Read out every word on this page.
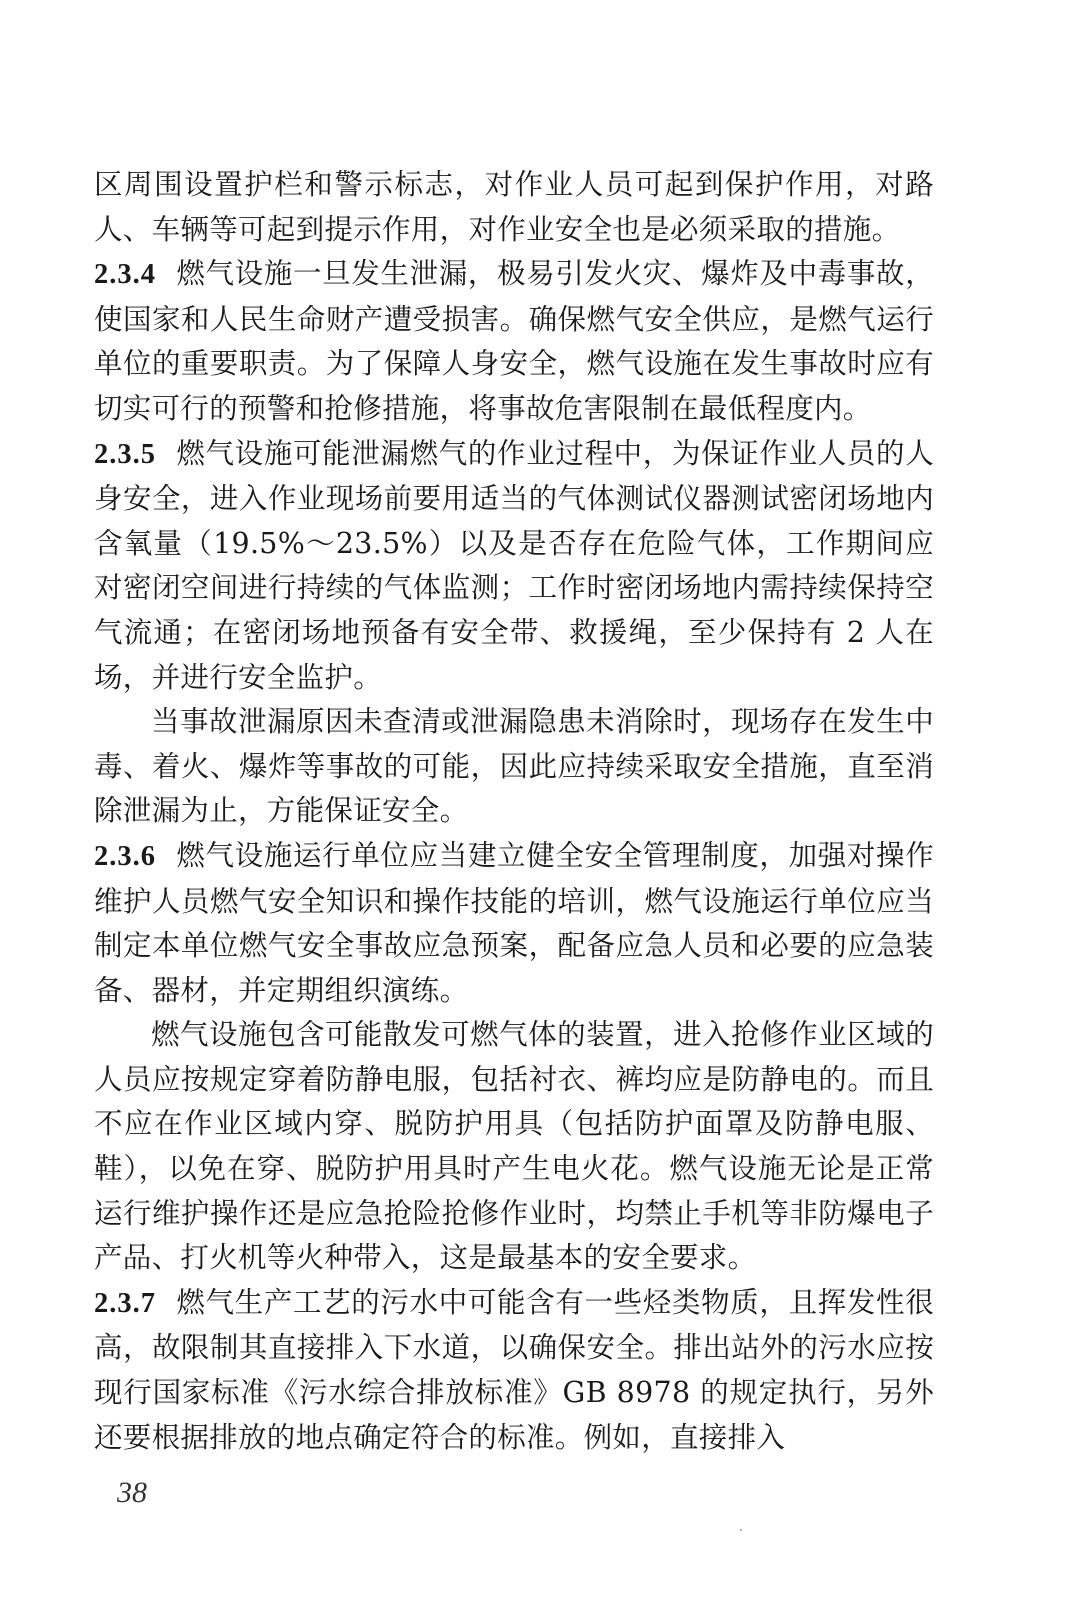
区周围设置护栏和警示标志，对作业人员可起到保护作用，对路人、车辆等可起到提示作用，对作业安全也是必须采取的措施。

2.3.4 燃气设施一旦发生泄漏，极易引发火灾、爆炸及中毒事故，使国家和人民生命财产遭受损害。确保燃气安全供应，是燃气运行单位的重要职责。为了保障人身安全，燃气设施在发生事故时应有切实可行的预警和抢修措施，将事故危害限制在最低程度内。

2.3.5 燃气设施可能泄漏燃气的作业过程中，为保证作业人员的人身安全，进入作业现场前要用适当的气体测试仪器测试密闭场地内含氧量（19.5%～23.5%）以及是否存在危险气体，工作期间应对密闭空间进行持续的气体监测；工作时密闭场地内需持续保持空气流通；在密闭场地预备有安全带、救援绳，至少保持有 2 人在场，并进行安全监护。

当事故泄漏原因未查清或泄漏隐患未消除时，现场存在发生中毒、着火、爆炸等事故的可能，因此应持续采取安全措施，直至消除泄漏为止，方能保证安全。

2.3.6 燃气设施运行单位应当建立健全安全管理制度，加强对操作维护人员燃气安全知识和操作技能的培训，燃气设施运行单位应当制定本单位燃气安全事故应急预案，配备应急人员和必要的应急装备、器材，并定期组织演练。

燃气设施包含可能散发可燃气体的装置，进入抢修作业区域的人员应按规定穿着防静电服，包括衬衣、裤均应是防静电的。而且不应在作业区域内穿、脱防护用具（包括防护面罩及防静电服、鞋），以免在穿、脱防护用具时产生电火花。燃气设施无论是正常运行维护操作还是应急抢险抢修作业时，均禁止手机等非防爆电子产品、打火机等火种带入，这是最基本的安全要求。

2.3.7 燃气生产工艺的污水中可能含有一些烃类物质，且挥发性很高，故限制其直接排入下水道，以确保安全。排出站外的污水应按现行国家标准《污水综合排放标准》GB 8978 的规定执行，另外还要根据排放的地点确定符合的标准。例如，直接排入

38
